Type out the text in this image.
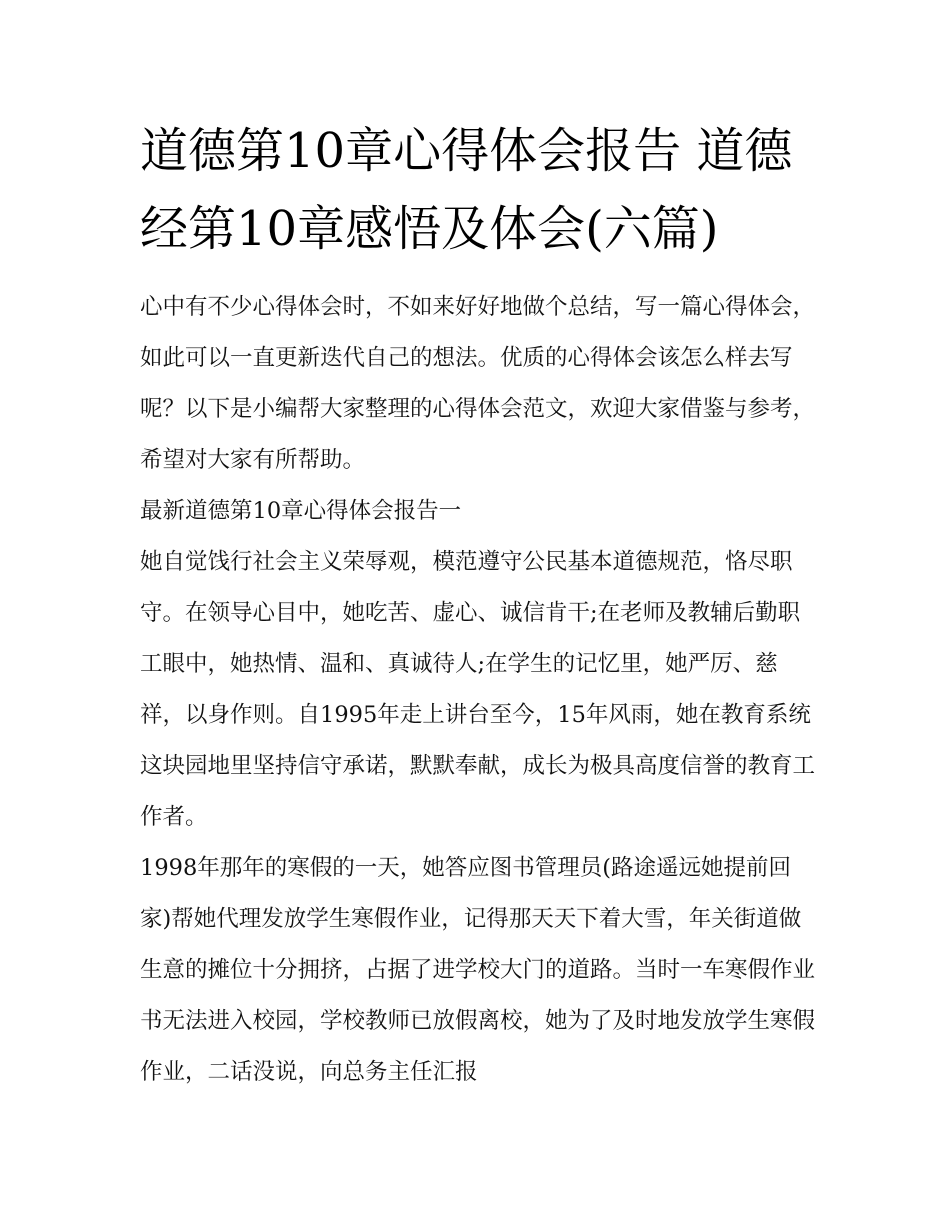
道德第10章心得体会报告 道德经第10章感悟及体会(六篇)

心中有不少心得体会时，不如来好好地做个总结，写一篇心得体会，如此可以一直更新迭代自己的想法。优质的心得体会该怎么样去写呢？以下是小编帮大家整理的心得体会范文，欢迎大家借鉴与参考，希望对大家有所帮助。

最新道德第10章心得体会报告一

她自觉饯行社会主义荣辱观，模范遵守公民基本道德规范，恪尽职守。在领导心目中，她吃苦、虚心、诚信肯干;在老师及教辅后勤职工眼中，她热情、温和、真诚待人;在学生的记忆里，她严厉、慈祥，以身作则。自1995年走上讲台至今，15年风雨，她在教育系统这块园地里坚持信守承诺，默默奉献，成长为极具高度信誉的教育工作者。

1998年那年的寒假的一天，她答应图书管理员(路途遥远她提前回家)帮她代理发放学生寒假作业，记得那天天下着大雪，年关街道做生意的摊位十分拥挤，占据了进学校大门的道路。当时一车寒假作业书无法进入校园，学校教师已放假离校，她为了及时地发放学生寒假作业，二话没说，向总务主任汇报
